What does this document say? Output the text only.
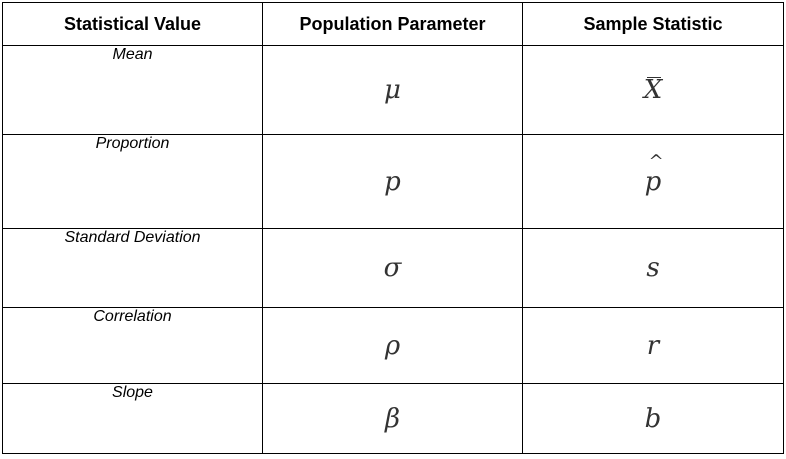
Statistical Value	Population Parameter	Sample Statistic
Mean	μ	X
Proportion	p	^ p
Standard Deviation	σ	s
Correlation	ρ	r
Slope	β	b
